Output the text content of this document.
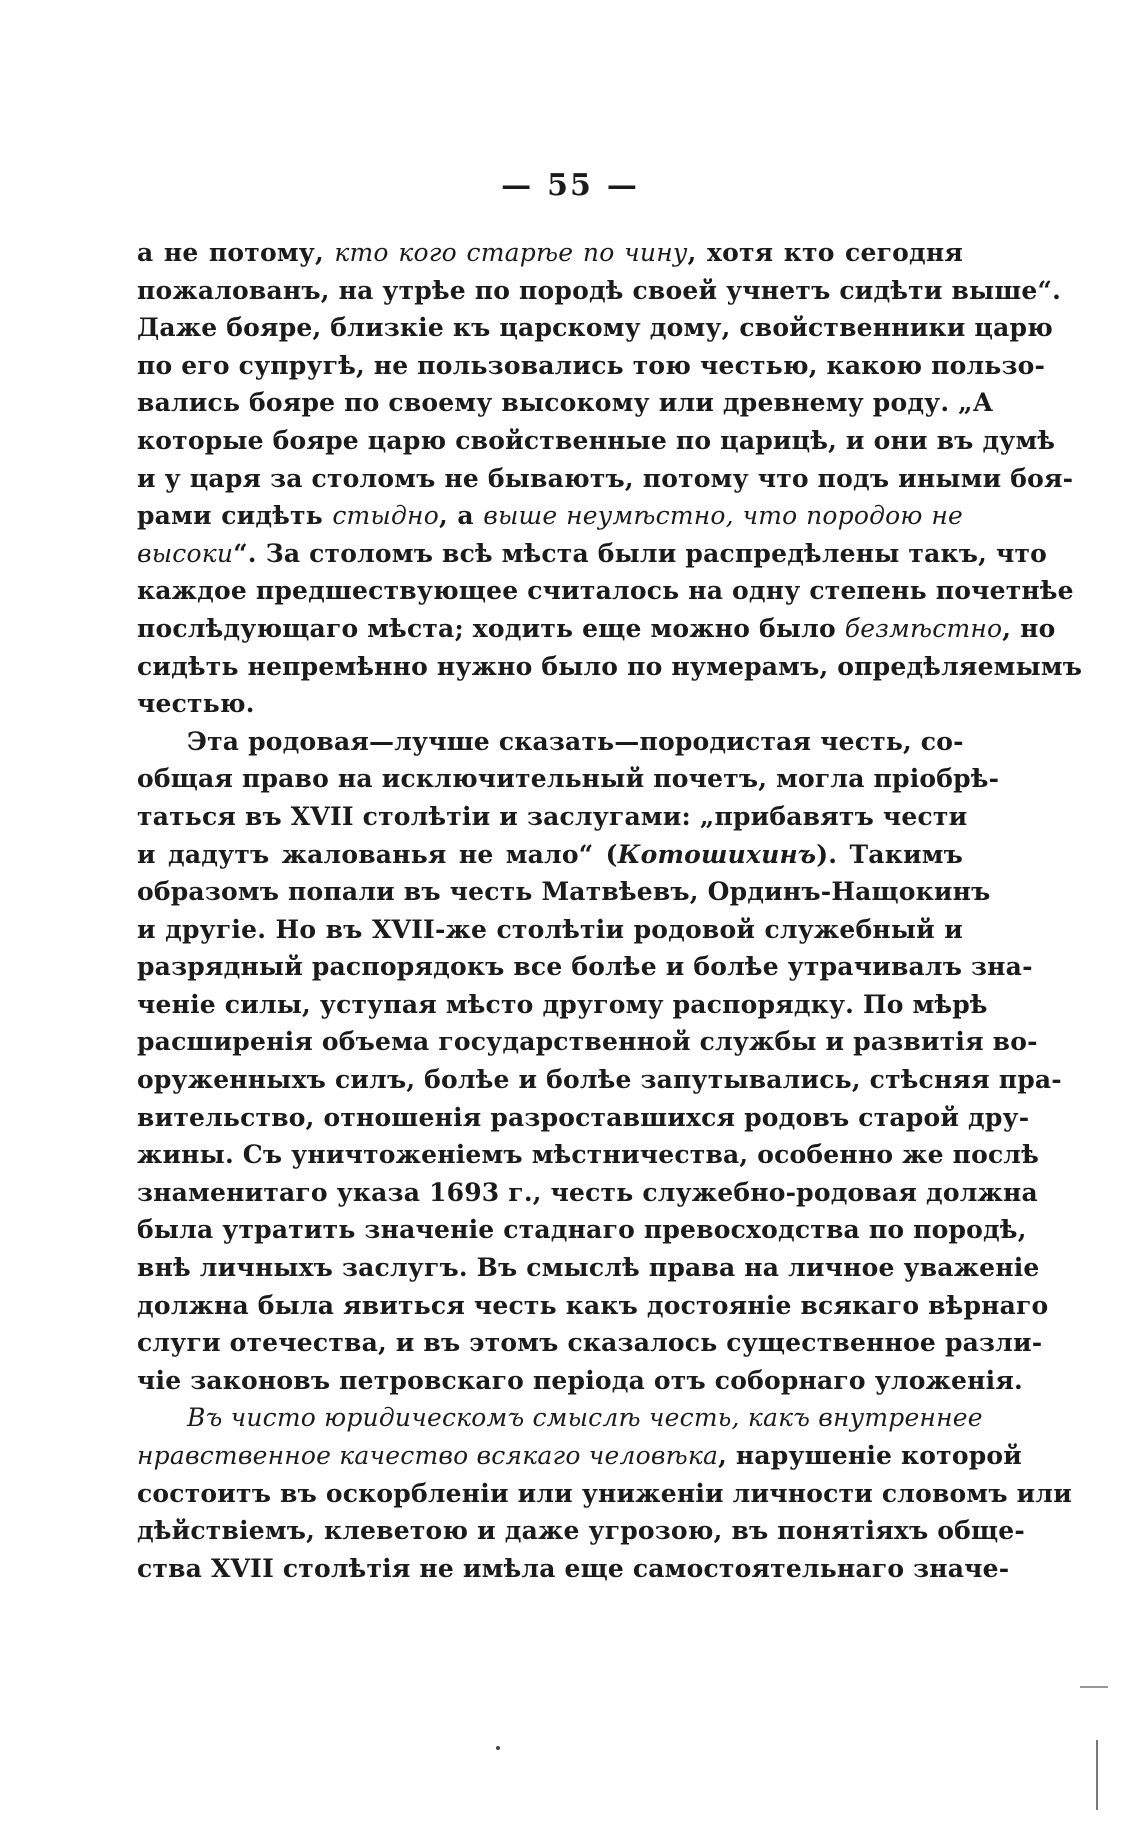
— 55 —
а не потому, кто кого старѣе по чину, хотя кто сегодня
пожалованъ, на утрѣе по породѣ своей учнетъ сидѣти выше“.
Даже бояре, близкіе къ царскому дому, свойственники царю
по его супругѣ, не пользовались тою честью, какою пользо-
вались бояре по своему высокому или древнему роду. „А
которые бояре царю свойственные по царицѣ, и они въ думѣ
и у царя за столомъ не бываютъ, потому что подъ иными боя-
рами сидѣть стыдно, а выше неумѣстно, что породою не
высоки“. За столомъ всѣ мѣста были распредѣлены такъ, что
каждое предшествующее считалось на одну степень почетнѣе
послѣдующаго мѣста; ходить еще можно было безмѣстно, но
сидѣть непремѣнно нужно было по нумерамъ, опредѣляемымъ
честью.
Эта родовая—лучше сказать—породистая честь, со-
общая право на исключительный почетъ, могла пріобрѣ-
таться въ XVII столѣтіи и заслугами: „прибавятъ чести
и дадутъ жалованья не мало“ (Котошихинъ). Такимъ
образомъ попали въ честь Матвѣевъ, Ординъ-Нащокинъ
и другіе. Но въ XVII-же столѣтіи родовой служебный и
разрядный распорядокъ все болѣе и болѣе утрачивалъ зна-
ченіе силы, уступая мѣсто другому распорядку. По мѣрѣ
расширенія объема государственной службы и развитія во-
оруженныхъ силъ, болѣе и болѣе запутывались, стѣсняя пра-
вительство, отношенія разроставшихся родовъ старой дру-
жины. Съ уничтоженіемъ мѣстничества, особенно же послѣ
знаменитаго указа 1693 г., честь служебно-родовая должна
была утратить значеніе стаднаго превосходства по породѣ,
внѣ личныхъ заслугъ. Въ смыслѣ права на личное уваженіе
должна была явиться честь какъ достояніе всякаго вѣрнаго
слуги отечества, и въ этомъ сказалось существенное разли-
чіе законовъ петровскаго періода отъ соборнаго уложенія.
Въ чисто юридическомъ смыслѣ честь, какъ внутреннее
нравственное качество всякаго человѣка, нарушеніе которой
состоитъ въ оскорбленіи или униженіи личности словомъ или
дѣйствіемъ, клеветою и даже угрозою, въ понятіяхъ обще-
ства XVII столѣтія не имѣла еще самостоятельнаго значе-
